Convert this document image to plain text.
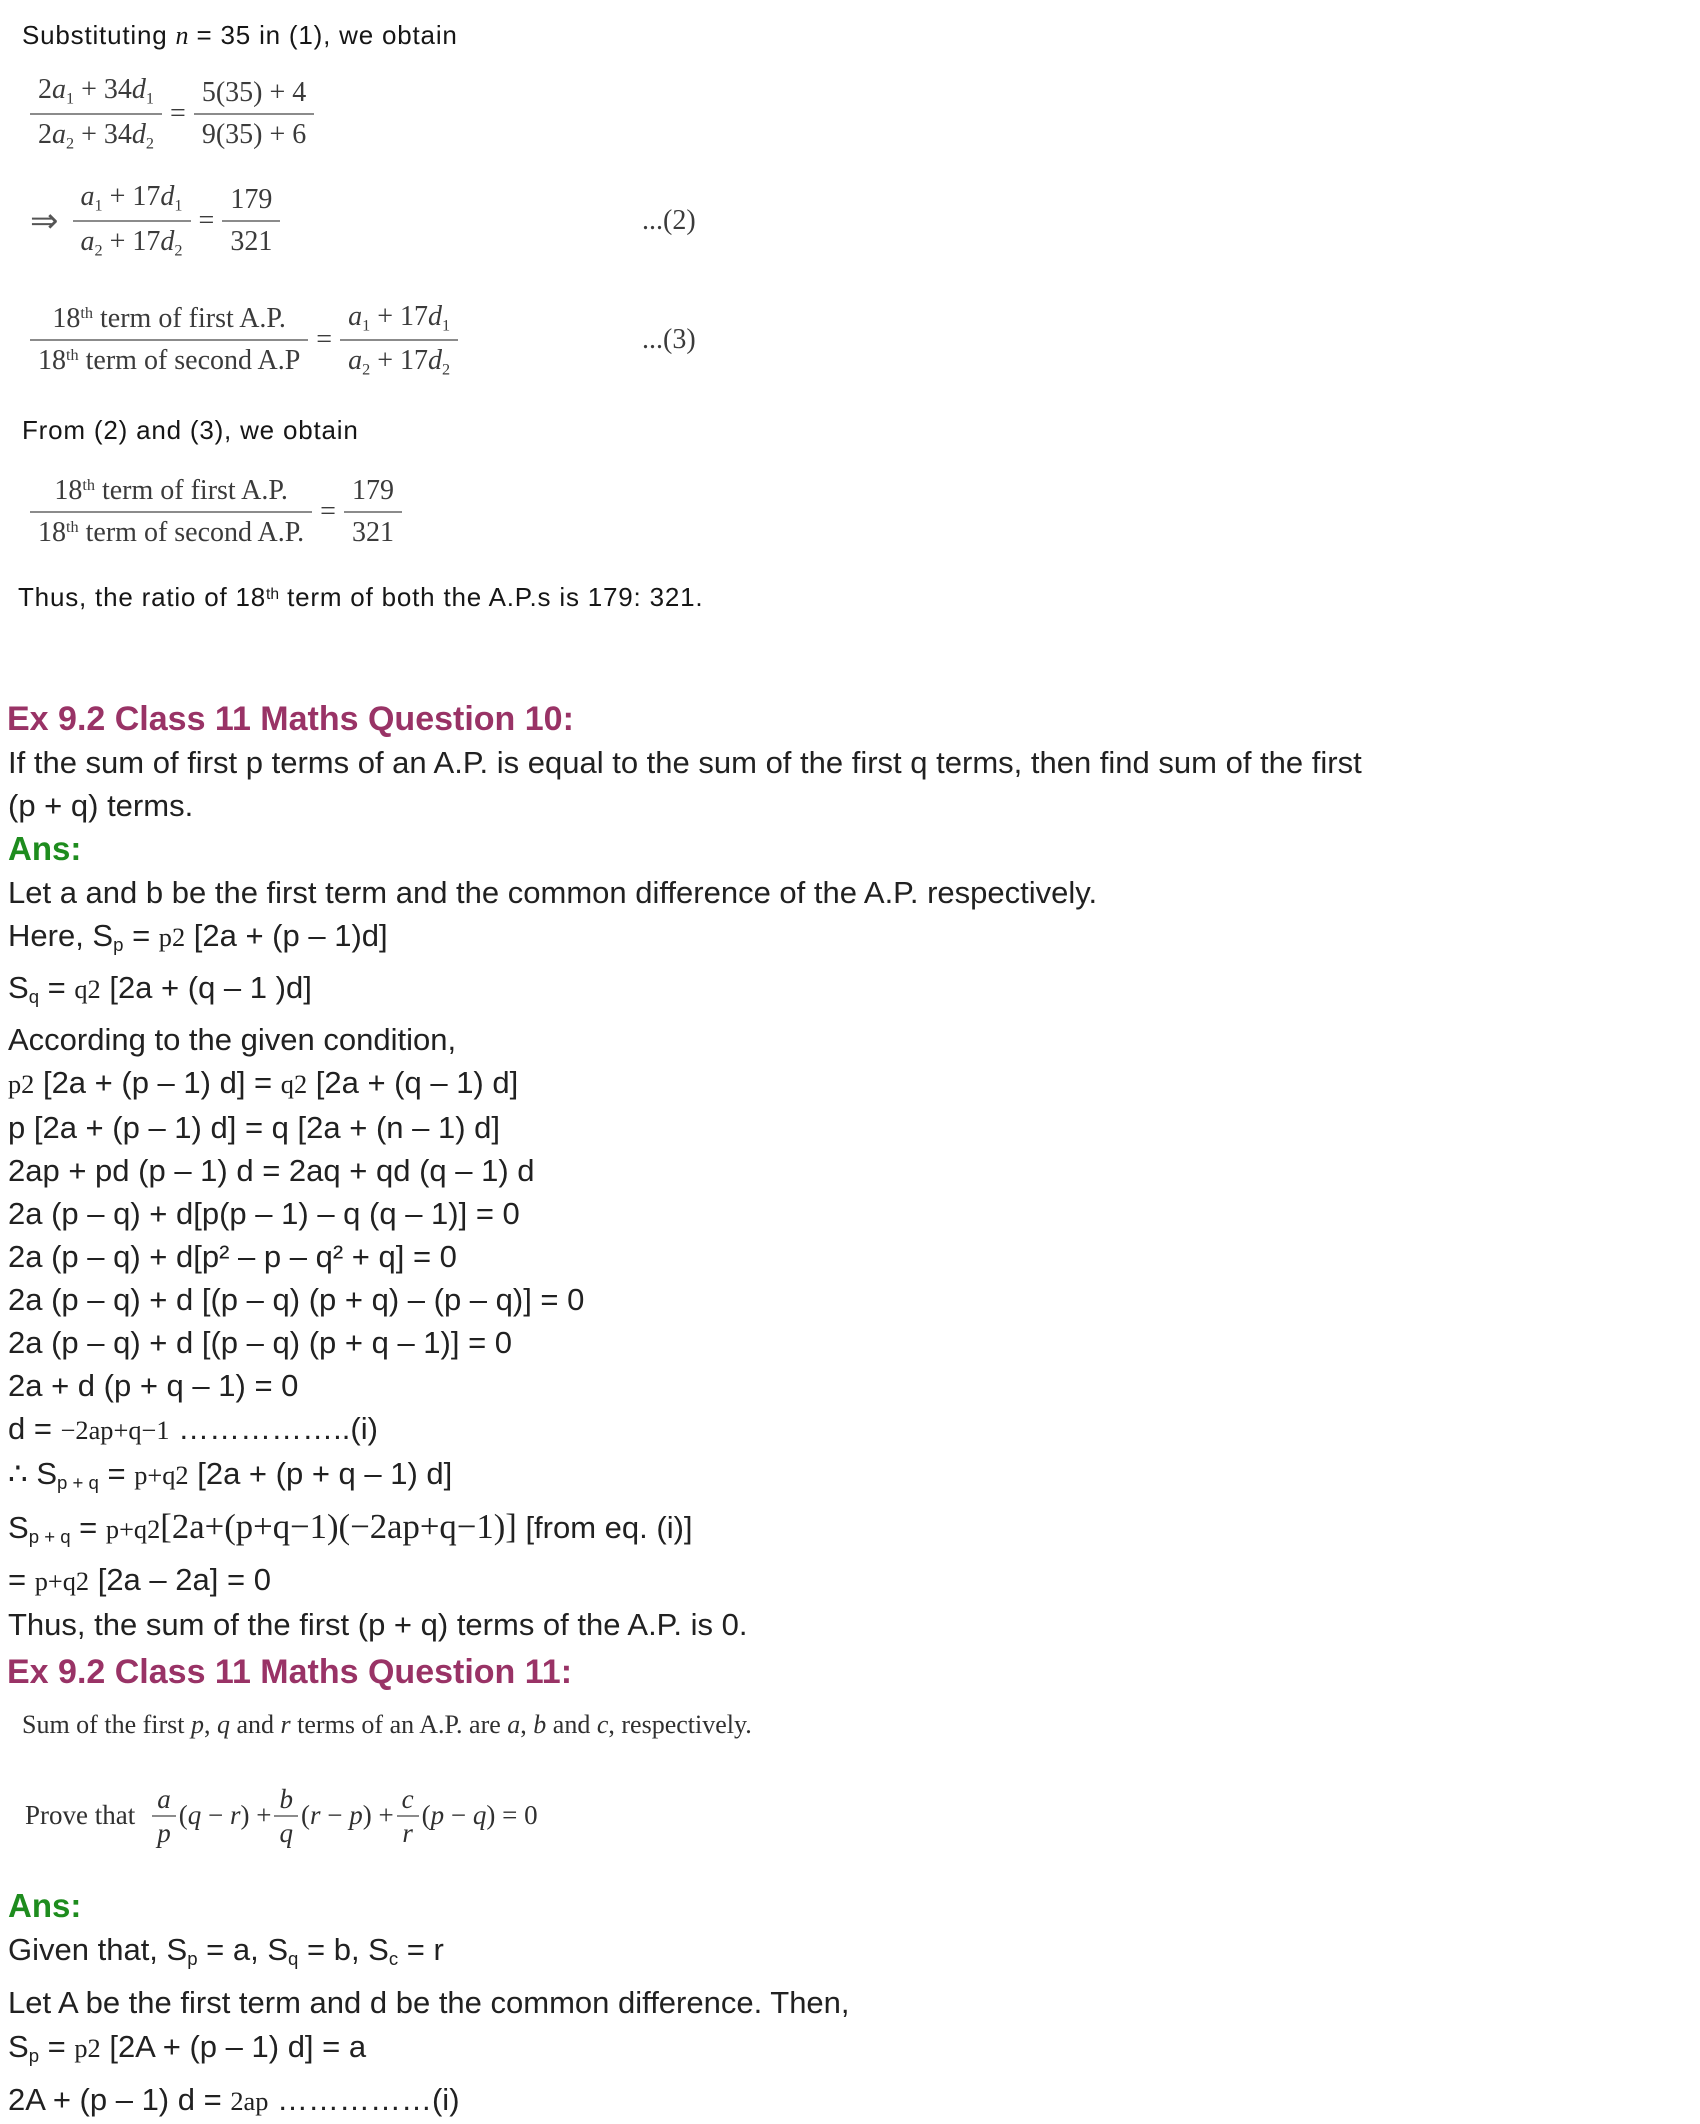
Substituting n = 35 in (1), we obtain
$\frac{2a_1 + 34d_1}{2a_2 + 34d_2} = \frac{5(35) + 4}{9(35) + 6}$
⇒ $\frac{a_1 + 17d_1}{a_2 + 17d_2} = \frac{179}{321}$	...(2)
$\frac{18^{th} term of first A.P.}{18^{th} term of second A.P} = \frac{a_1 + 17d_1}{a_2 + 17d_2}$	...(3)
From (2) and (3), we obtain
$\frac{18^{th} term of first A.P.}{18^{th} term of second A.P.} = \frac{179}{321}$
Thus, the ratio of 18th term of both the A.P.s is 179: 321.
Ex 9.2 Class 11 Maths Question 10:
If the sum of first p terms of an A.P. is equal to the sum of the first q terms, then find sum of the first
(p + q) terms.
Ans:
Let a and b be the first term and the common difference of the A.P. respectively.
Here, Sp = p2 [2a + (p – 1)d]
Sq = q2 [2a + (q – 1 )d]
According to the given condition,
p2 [2a + (p – 1) d] = q2 [2a + (q – 1) d]
p [2a + (p – 1) d] = q [2a + (n – 1) d]
2ap + pd (p – 1) d = 2aq + qd (q – 1) d
2a (p – q) + d[p(p – 1) – q (q – 1)] = 0
2a (p – q) + d[p² – p – q² + q] = 0
2a (p – q) + d [(p – q) (p + q) – (p – q)] = 0
2a (p – q) + d [(p – q) (p + q – 1)] = 0
2a + d (p + q – 1) = 0
d = −2ap+q−1 ……………..(i)
∴ Sp + q = p+q2 [2a + (p + q – 1) d]
Sp + q = p+q2[2a+(p+q−1)(−2ap+q−1)] [from eq. (i)]
= p+q2 [2a – 2a] = 0
Thus, the sum of the first (p + q) terms of the A.P. is 0.
Ex 9.2 Class 11 Maths Question 11:
Sum of the first p, q and r terms of an A.P. are a, b and c, respectively.
Prove that $\frac{a}{p} (q - r) + \frac{b}{q} (r - p) + \frac{c}{r} (p - q) = 0$
Ans:
Given that, Sp = a, Sq = b, Sc = r
Let A be the first term and d be the common difference. Then,
Sp = p2 [2A + (p – 1) d] = a
2A + (p – 1) d = 2ap ……………(i)
